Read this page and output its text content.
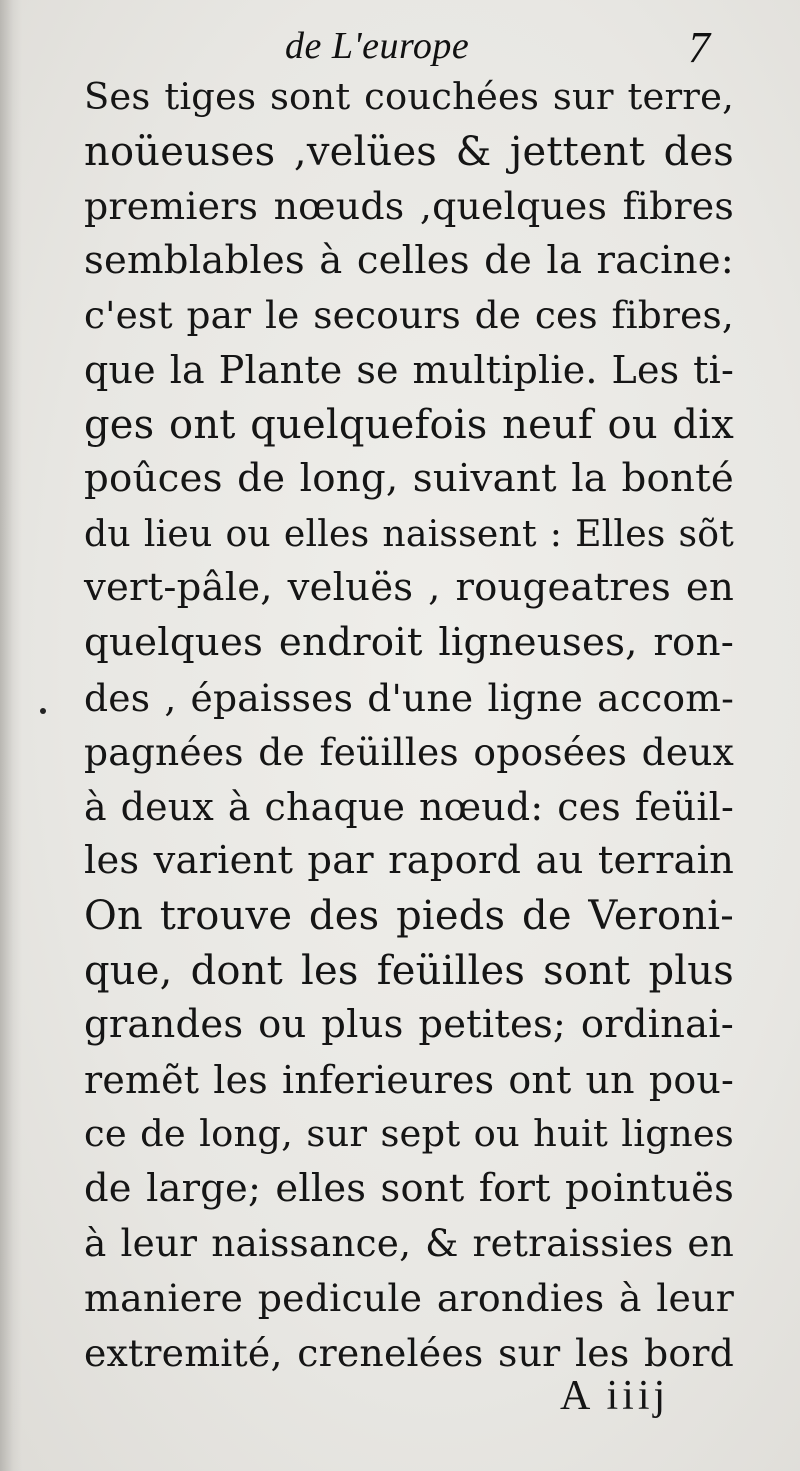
de L'europe	7
Ses tiges sont couchées sur terre,
noüeuses ,velües & jettent des
premiers nœuds ,quelques fibres
semblables à celles de la racine:
c'est par le secours de ces fibres,
que la Plante se multiplie. Les ti-
ges ont quelquefois neuf ou dix
poûces de long, suivant la bonté
du lieu ou elles naissent : Elles sõt
vert-pâle, veluës , rougeatres en
quelques endroit ligneuses, ron-
des , épaisses d'une ligne accom-
pagnées de feüilles oposées deux
à deux à chaque nœud: ces feüil-
les varient par rapord au terrain
On trouve des pieds de Veroni-
que, dont les feüilles sont plus
grandes ou plus petites; ordinai-
remẽt les inferieures ont un pou-
ce de long, sur sept ou huit lignes
de large; elles sont fort pointuës
à leur naissance, & retraissies en
maniere pedicule arondies à leur
extremité, crenelées sur les bord
A iiij
